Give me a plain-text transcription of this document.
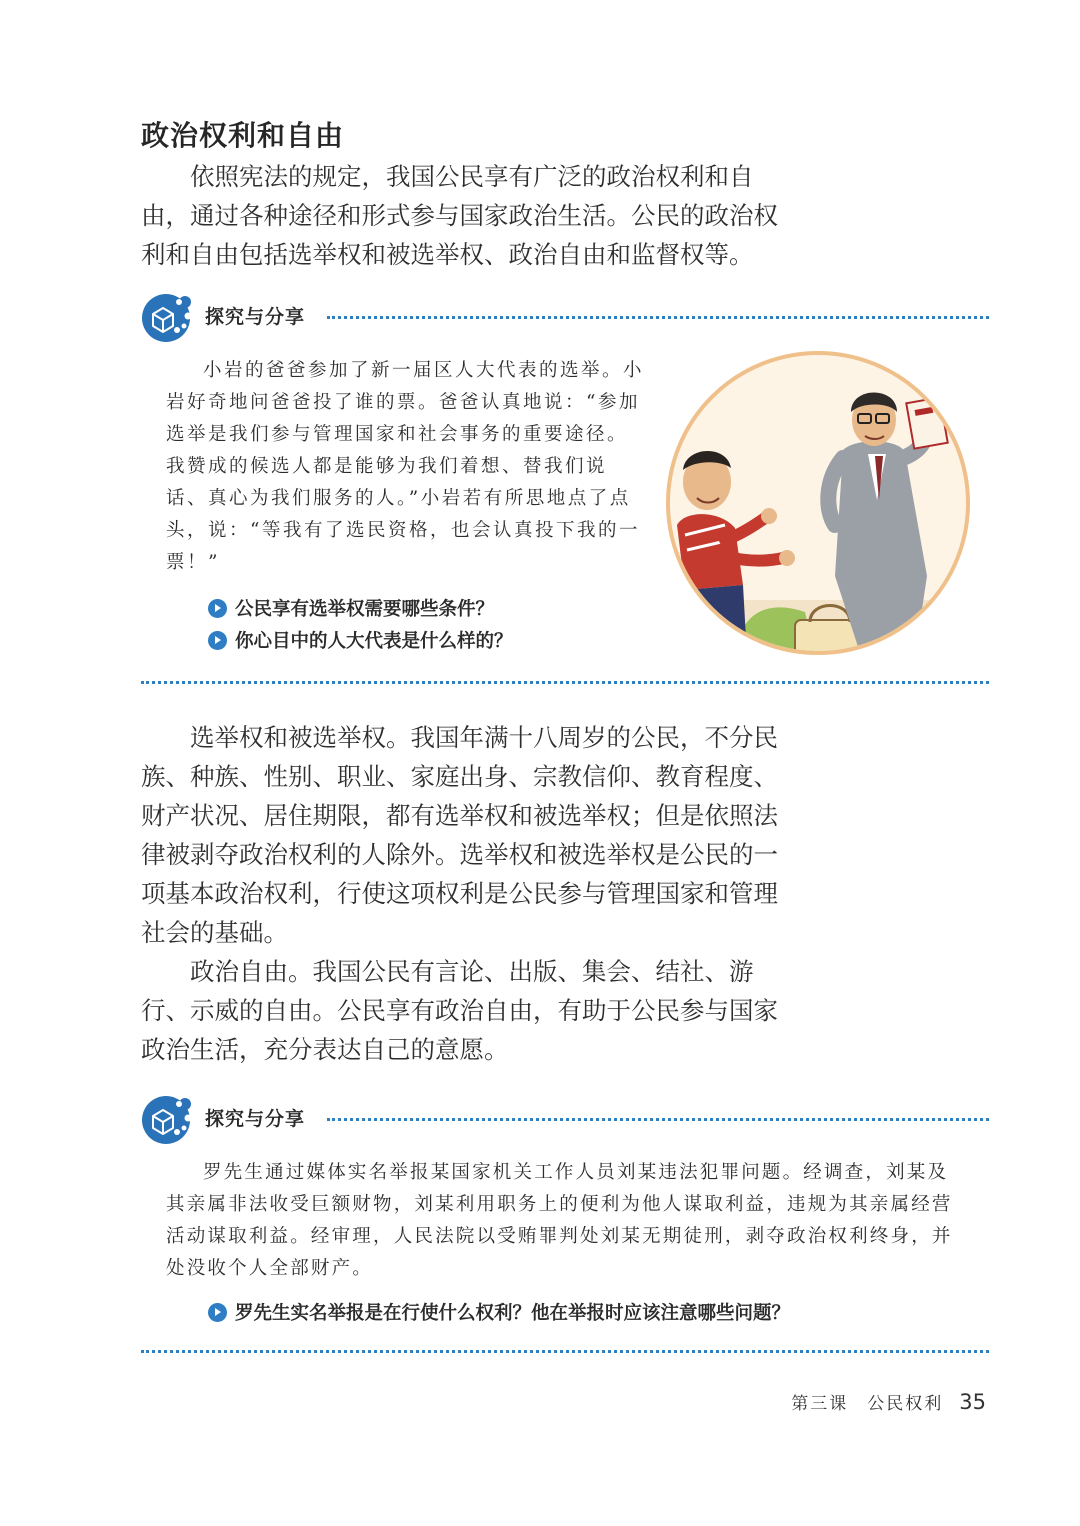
政治权利和自由

依照宪法的规定，我国公民享有广泛的政治权利和自由，通过各种途径和形式参与国家政治生活。公民的政治权利和自由包括选举权和被选举权、政治自由和监督权等。

探究与分享

小岩的爸爸参加了新一届区人大代表的选举。小岩好奇地问爸爸投了谁的票。爸爸认真地说：“参加选举是我们参与管理国家和社会事务的重要途径。我赞成的候选人都是能够为我们着想、替我们说话、真心为我们服务的人。”小岩若有所思地点了点头，说：“等我有了选民资格，也会认真投下我的一票！”

公民享有选举权需要哪些条件？
你心目中的人大代表是什么样的？

选举权和被选举权。我国年满十八周岁的公民，不分民族、种族、性别、职业、家庭出身、宗教信仰、教育程度、财产状况、居住期限，都有选举权和被选举权；但是依照法律被剥夺政治权利的人除外。选举权和被选举权是公民的一项基本政治权利，行使这项权利是公民参与管理国家和管理社会的基础。

政治自由。我国公民有言论、出版、集会、结社、游行、示威的自由。公民享有政治自由，有助于公民参与国家政治生活，充分表达自己的意愿。

探究与分享

罗先生通过媒体实名举报某国家机关工作人员刘某违法犯罪问题。经调查，刘某及其亲属非法收受巨额财物，刘某利用职务上的便利为他人谋取利益，违规为其亲属经营活动谋取利益。经审理，人民法院以受贿罪判处刘某无期徒刑，剥夺政治权利终身，并处没收个人全部财产。

罗先生实名举报是在行使什么权利？他在举报时应该注意哪些问题？
第三课　公民权利 35
